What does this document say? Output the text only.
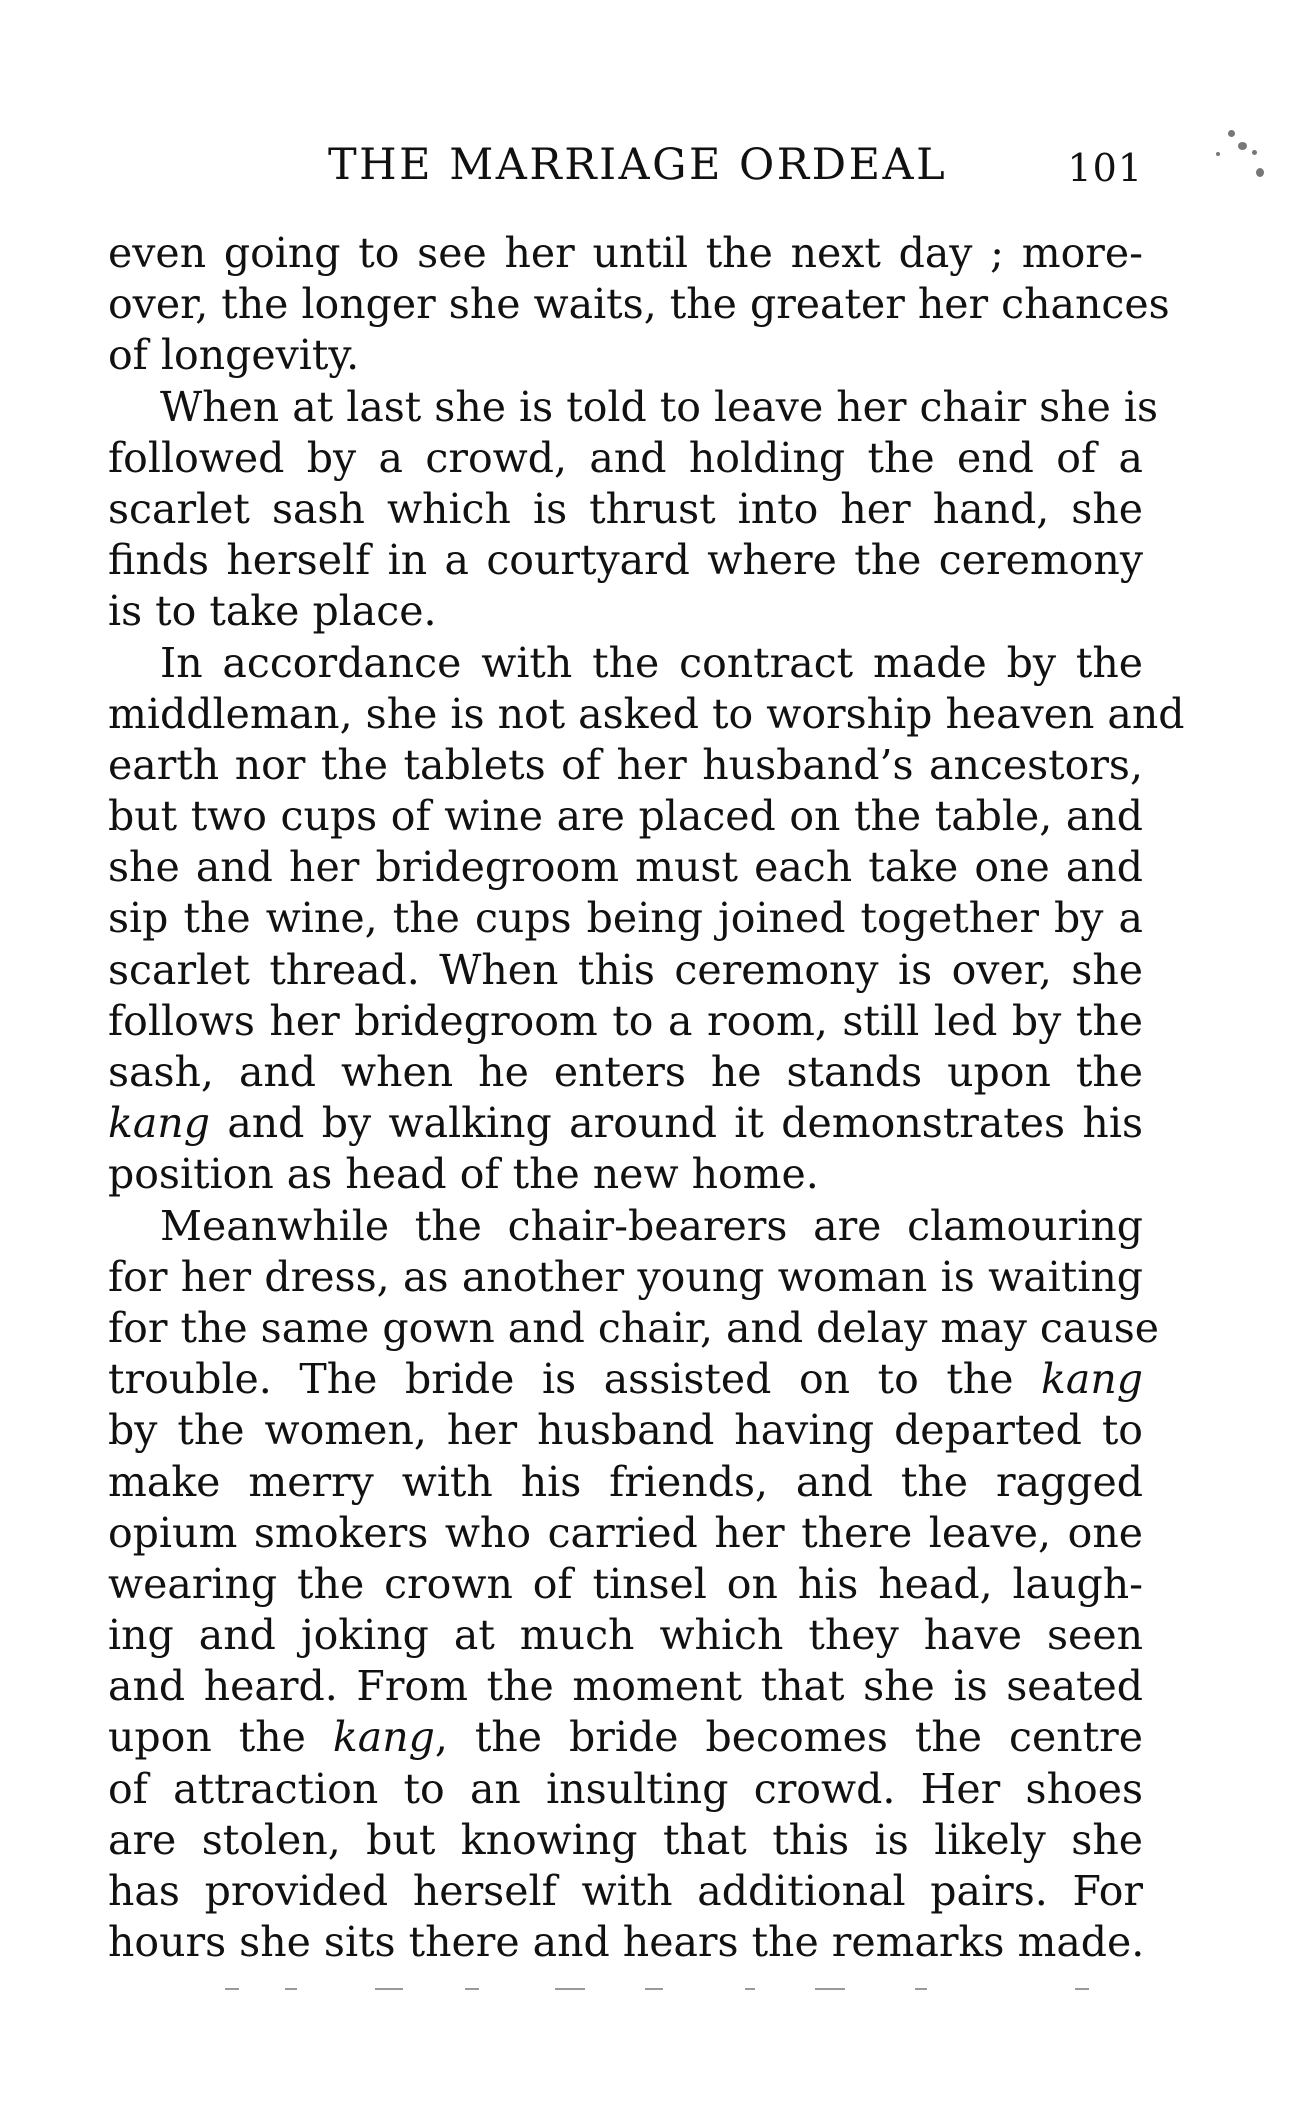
THE MARRIAGE ORDEAL	101
even going to see her until the next day ; more-
over, the longer she waits, the greater her chances
of longevity.
When at last she is told to leave her chair she is
followed by a crowd, and holding the end of a
scarlet sash which is thrust into her hand, she
finds herself in a courtyard where the ceremony
is to take place.
In accordance with the contract made by the
middleman, she is not asked to worship heaven and
earth nor the tablets of her husband’s ancestors,
but two cups of wine are placed on the table, and
she and her bridegroom must each take one and
sip the wine, the cups being joined together by a
scarlet thread. When this ceremony is over, she
follows her bridegroom to a room, still led by the
sash, and when he enters he stands upon the
kang and by walking around it demonstrates his
position as head of the new home.
Meanwhile the chair-bearers are clamouring
for her dress, as another young woman is waiting
for the same gown and chair, and delay may cause
trouble. The bride is assisted on to the kang
by the women, her husband having departed to
make merry with his friends, and the ragged
opium smokers who carried her there leave, one
wearing the crown of tinsel on his head, laugh-
ing and joking at much which they have seen
and heard. From the moment that she is seated
upon the kang, the bride becomes the centre
of attraction to an insulting crowd. Her shoes
are stolen, but knowing that this is likely she
has provided herself with additional pairs. For
hours she sits there and hears the remarks made.
